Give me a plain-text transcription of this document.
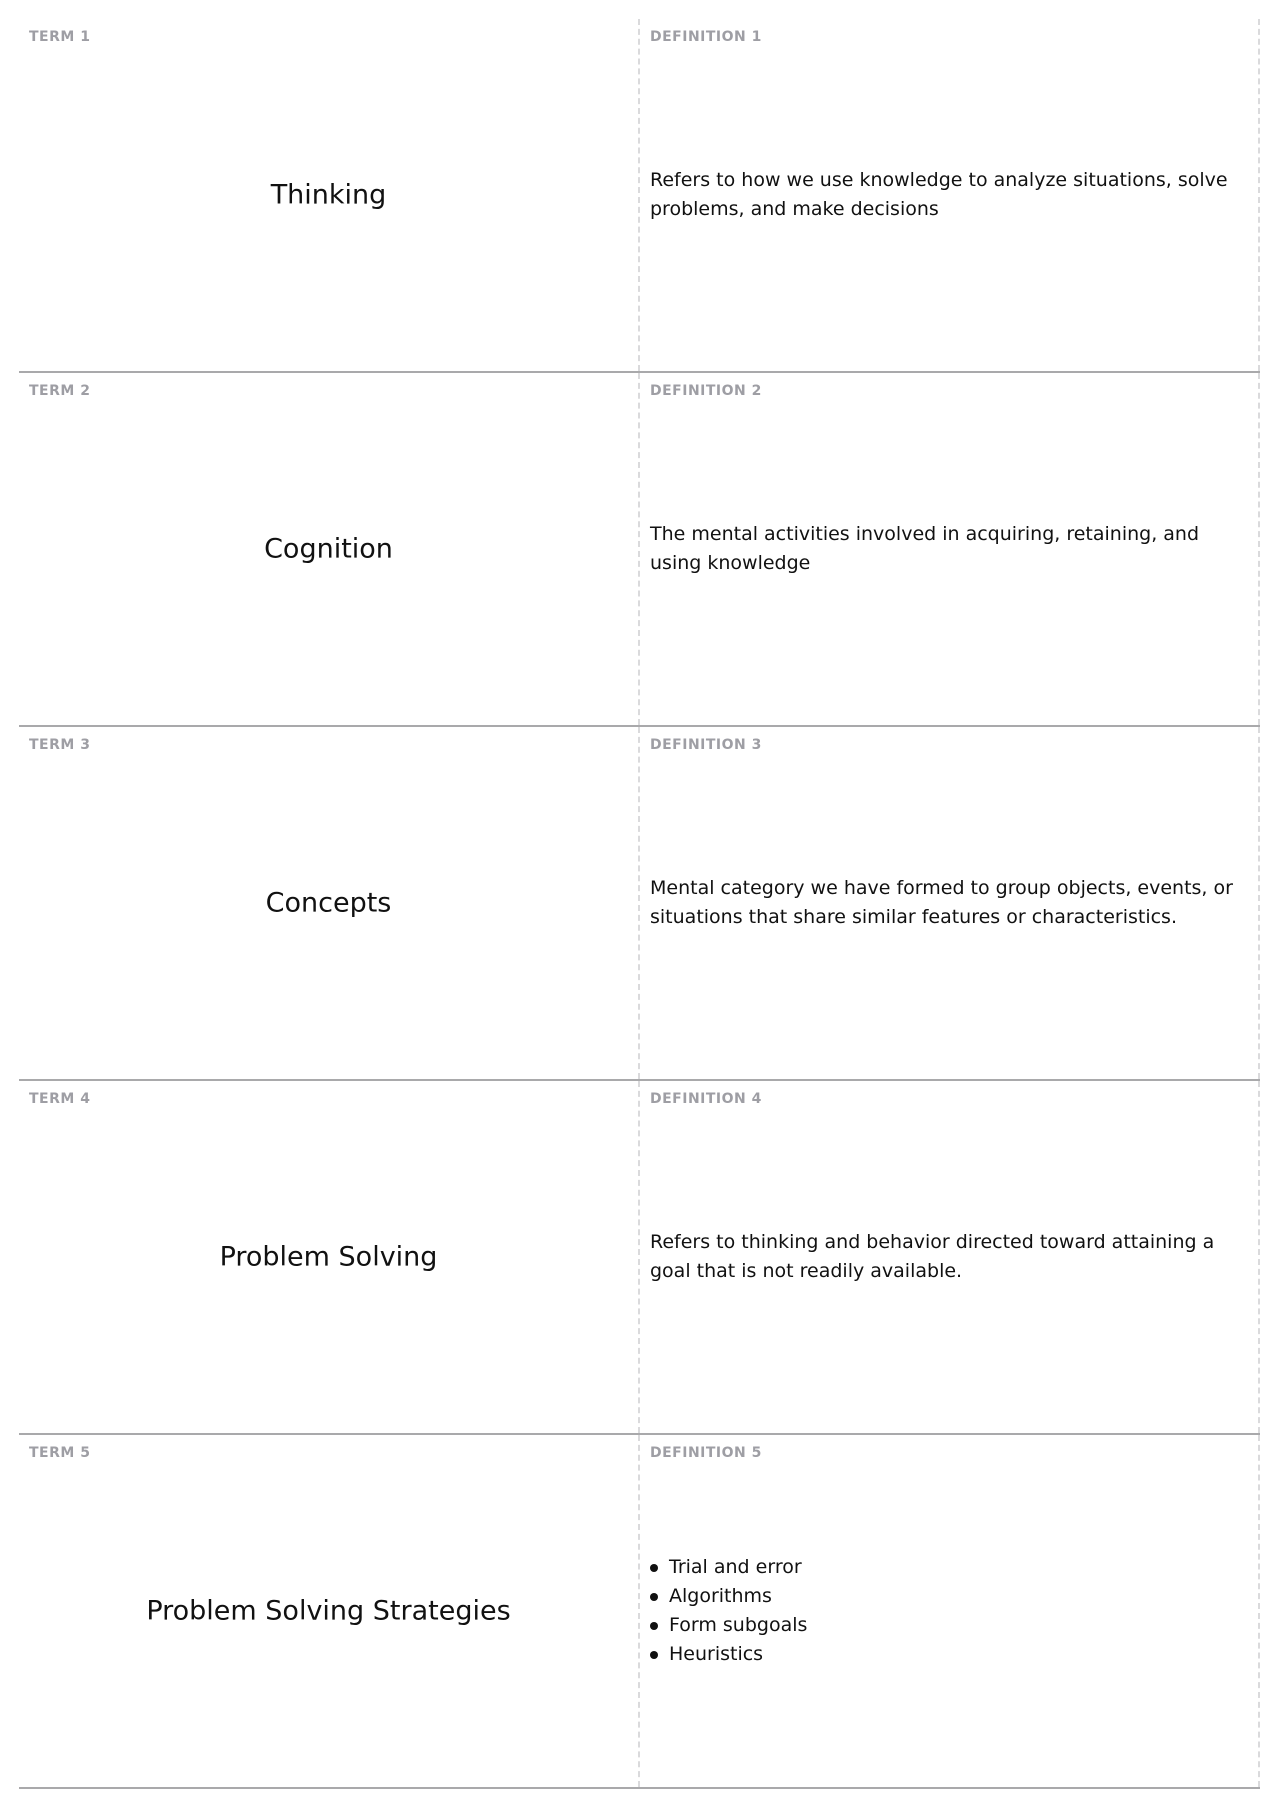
TERM 1
Thinking
DEFINITION 1
Refers to how we use knowledge to analyze situations, solve problems, and make decisions
TERM 2
Cognition
DEFINITION 2
The mental activities involved in acquiring, retaining, and using knowledge
TERM 3
Concepts
DEFINITION 3
Mental category we have formed to group objects, events, or situations that share similar features or characteristics.
TERM 4
Problem Solving
DEFINITION 4
Refers to thinking and behavior directed toward attaining a goal that is not readily available.
TERM 5
Problem Solving Strategies
DEFINITION 5
Trial and error
Algorithms
Form subgoals
Heuristics
